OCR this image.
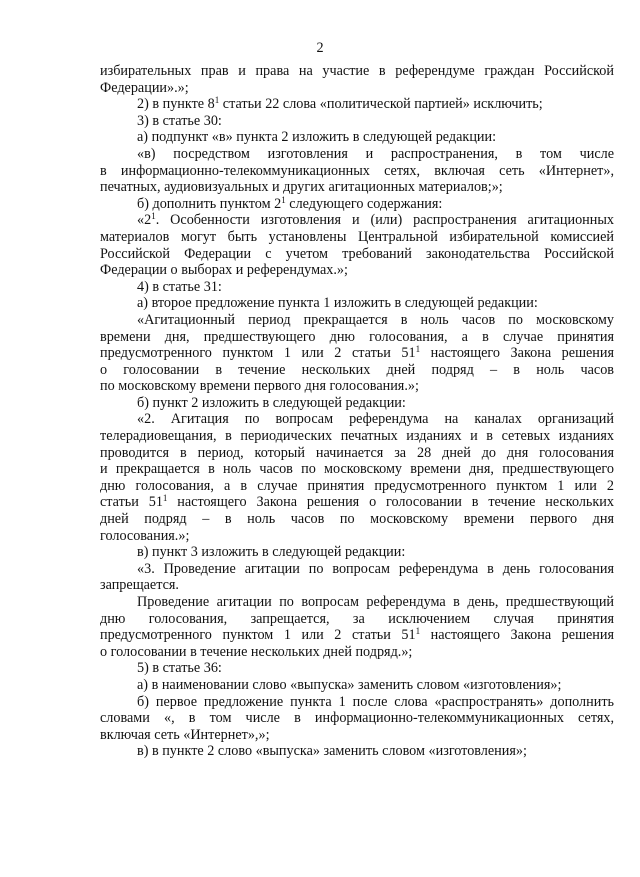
2
избирательных прав и права на участие в референдуме граждан Российской
Федерации».»;
2) в пункте $8^1$ статьи 22 слова «политической партией» исключить;
3) в статье 30:
а) подпункт «в» пункта 2 изложить в следующей редакции:
«в) посредством изготовления и распространения, в том числе
в информационно-телекоммуникационных сетях, включая сеть «Интернет»,
печатных, аудиовизуальных и других агитационных материалов;»;
б) дополнить пунктом $2^1$ следующего содержания:
«$2^1$. Особенности изготовления и (или) распространения агитационных
материалов могут быть установлены Центральной избирательной комиссией
Российской Федерации с учетом требований законодательства Российской
Федерации о выборах и референдумах.»;
4) в статье 31:
а) второе предложение пункта 1 изложить в следующей редакции:
«Агитационный период прекращается в ноль часов по московскому
времени дня, предшествующего дню голосования, а в случае принятия
предусмотренного пунктом 1 или 2 статьи $51^1$ настоящего Закона решения
о голосовании в течение нескольких дней подряд – в ноль часов
по московскому времени первого дня голосования.»;
б) пункт 2 изложить в следующей редакции:
«2. Агитация по вопросам референдума на каналах организаций
телерадиовещания, в периодических печатных изданиях и в сетевых изданиях
проводится в период, который начинается за 28 дней до дня голосования
и прекращается в ноль часов по московскому времени дня, предшествующего
дню голосования, а в случае принятия предусмотренного пунктом 1 или 2
статьи $51^1$ настоящего Закона решения о голосовании в течение нескольких
дней подряд – в ноль часов по московскому времени первого дня
голосования.»;
в) пункт 3 изложить в следующей редакции:
«3. Проведение агитации по вопросам референдума в день голосования
запрещается.
Проведение агитации по вопросам референдума в день, предшествующий
дню голосования, запрещается, за исключением случая принятия
предусмотренного пунктом 1 или 2 статьи $51^1$ настоящего Закона решения
о голосовании в течение нескольких дней подряд.»;
5) в статье 36:
а) в наименовании слово «выпуска» заменить словом «изготовления»;
б) первое предложение пункта 1 после слова «распространять» дополнить
словами «, в том числе в информационно-телекоммуникационных сетях,
включая сеть «Интернет»,»;
в) в пункте 2 слово «выпуска» заменить словом «изготовления»;
